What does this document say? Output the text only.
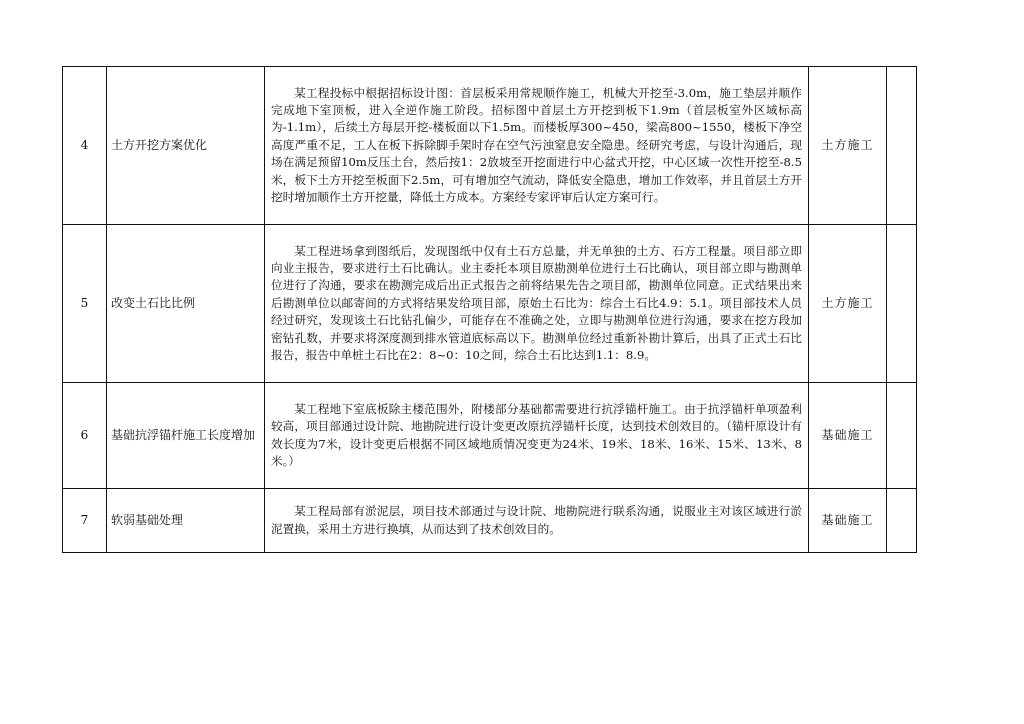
4	土方开挖方案优化	某工程投标中根据招标设计图：首层板采用常规顺作施工，机械大开挖至-3.0m，施工垫层并顺作完成地下室顶板，进入全逆作施工阶段。招标图中首层土方开挖到板下1.9m（首层板室外区域标高为-1.1m），后续土方每层开挖-楼板面以下1.5m。而楼板厚300~450，梁高800~1550，楼板下净空高度严重不足，工人在板下拆除脚手架时存在空气污浊窒息安全隐患。经研究考虑，与设计沟通后，现场在满足预留10m反压土台，然后按1：2放坡至开挖面进行中心盆式开挖，中心区域一次性开挖至-8.5米，板下土方开挖至板面下2.5m，可有增加空气流动，降低安全隐患，增加工作效率，并且首层土方开挖时增加顺作土方开挖量，降低土方成本。方案经专家评审后认定方案可行。	土方施工	
5	改变土石比比例	某工程进场拿到图纸后，发现图纸中仅有土石方总量，并无单独的土方、石方工程量。项目部立即向业主报告，要求进行土石比确认。业主委托本项目原勘测单位进行土石比确认，项目部立即与勘测单位进行了沟通，要求在勘测完成后出正式报告之前将结果先告之项目部，勘测单位同意。正式结果出来后勘测单位以邮寄间的方式将结果发给项目部，原始土石比为：综合土石比4.9：5.1。项目部技术人员经过研究，发现该土石比钻孔偏少，可能存在不准确之处，立即与勘测单位进行沟通，要求在挖方段加密钻孔数，并要求将深度测到排水管道底标高以下。勘测单位经过重新补勘计算后，出具了正式土石比报告，报告中单桩土石比在2：8~0：10之间，综合土石比达到1.1：8.9。	土方施工	
6	基础抗浮锚杆施工长度增加	某工程地下室底板除主楼范围外，附楼部分基础都需要进行抗浮锚杆施工。由于抗浮锚杆单项盈利较高，项目部通过设计院、地勘院进行设计变更改原抗浮锚杆长度，达到技术创效目的。（锚杆原设计有效长度为7米，设计变更后根据不同区域地质情况变更为24米、19米、18米、16米、15米、13米、8米。）	基础施工	
7	软弱基础处理	某工程局部有淤泥层，项目技术部通过与设计院、地勘院进行联系沟通，说服业主对该区域进行淤泥置换，采用土方进行换填，从而达到了技术创效目的。	基础施工	
